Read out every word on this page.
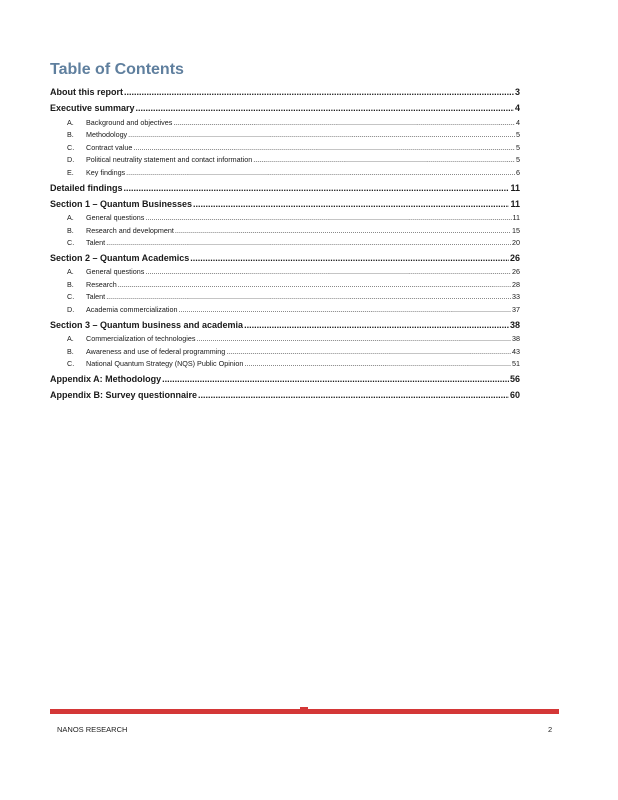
Table of Contents
About this report .....	3
Executive summary .....	4
A. Background and objectives .....	4
B. Methodology .....	5
C. Contract value .....	5
D. Political neutrality statement and contact information .....	5
E. Key findings .....	6
Detailed findings .....	11
Section 1 – Quantum Businesses .....	11
A. General questions .....	11
B. Research and development .....	15
C. Talent .....	20
Section 2 – Quantum Academics .....	26
A. General questions .....	26
B. Research .....	28
C. Talent .....	33
D. Academia commercialization .....	37
Section 3 – Quantum business and academia .....	38
A. Commercialization of technologies .....	38
B. Awareness and use of federal programming .....	43
C. National Quantum Strategy (NQS) Public Opinion .....	51
Appendix A: Methodology .....	56
Appendix B: Survey questionnaire .....	60
NANOS RESEARCH	2
